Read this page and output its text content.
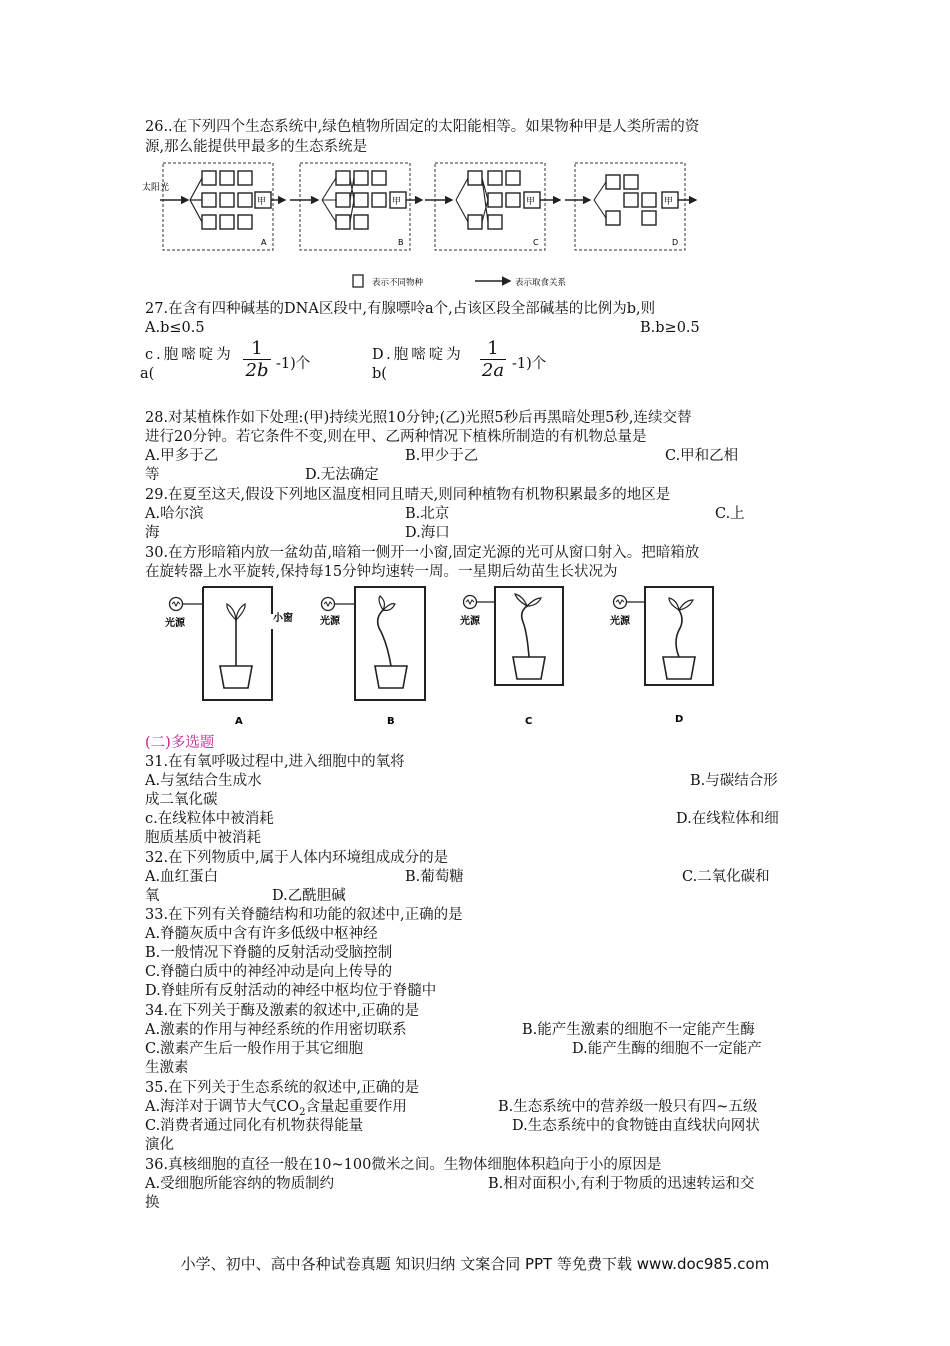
26..在下列四个生态系统中,绿色植物所固定的太阳能相等。如果物种甲是人类所需的资
源,那么能提供甲最多的生态系统是
太阳光
甲
A
甲
B
甲
C
甲
D
表示不同物种	表示取食关系
27.在含有四种碱基的DNA区段中,有腺嘌呤a个,占该区段全部碱基的比例为b,则
A.b≤0.5	B.b≥0.5
c.胞嘧啶为
a(
1
2b -1)个
D.胞嘧啶为
b(
1
2a -1)个
28.对某植株作如下处理:(甲)持续光照10分钟;(乙)光照5秒后再黑暗处理5秒,连续交替
进行20分钟。若它条件不变,则在甲、乙两种情况下植株所制造的有机物总量是
A.甲多于乙	B.甲少于乙	C.甲和乙相
等	D.无法确定
29.在夏至这天,假设下列地区温度相同且晴天,则同种植物有机物积累最多的地区是
A.哈尔滨	B.北京	C.上
海	D.海口
30.在方形暗箱内放一盆幼苗,暗箱一侧开一小窗,固定光源的光可从窗口射入。把暗箱放
在旋转器上水平旋转,保持每15分钟均速转一周。一星期后幼苗生长状况为
光源	小窗
A
光源
B
光源
C
光源
D
(二)多选题
31.在有氧呼吸过程中,进入细胞中的氧将
A.与氢结合生成水	B.与碳结合形
成二氧化碳
c.在线粒体中被消耗	D.在线粒体和细
胞质基质中被消耗
32.在下列物质中,属于人体内环境组成成分的是
A.血红蛋白	B.葡萄糖	C.二氧化碳和
氧	D.乙酰胆碱
33.在下列有关脊髓结构和功能的叙述中,正确的是
A.脊髓灰质中含有许多低级中枢神经
B.一般情况下脊髓的反射活动受脑控制
C.脊髓白质中的神经冲动是向上传导的
D.脊蛙所有反射活动的神经中枢均位于脊髓中
34.在下列关于酶及激素的叙述中,正确的是
A.激素的作用与神经系统的作用密切联系	B.能产生激素的细胞不一定能产生酶
C.激素产生后一般作用于其它细胞	D.能产生酶的细胞不一定能产
生激素
35.在下列关于生态系统的叙述中,正确的是
A.海洋对于调节大气$CO_2$含量起重要作用	B.生态系统中的营养级一般只有四~五级
C.消费者通过同化有机物获得能量	D.生态系统中的食物链由直线状向网状
演化
36.真核细胞的直径一般在10~100微米之间。生物体细胞体积趋向于小的原因是
A.受细胞所能容纳的物质制约	B.相对面积小,有利于物质的迅速转运和交
换
小学、初中、高中各种试卷真题 知识归纳 文案合同 PPT 等免费下载 www.doc985.com
